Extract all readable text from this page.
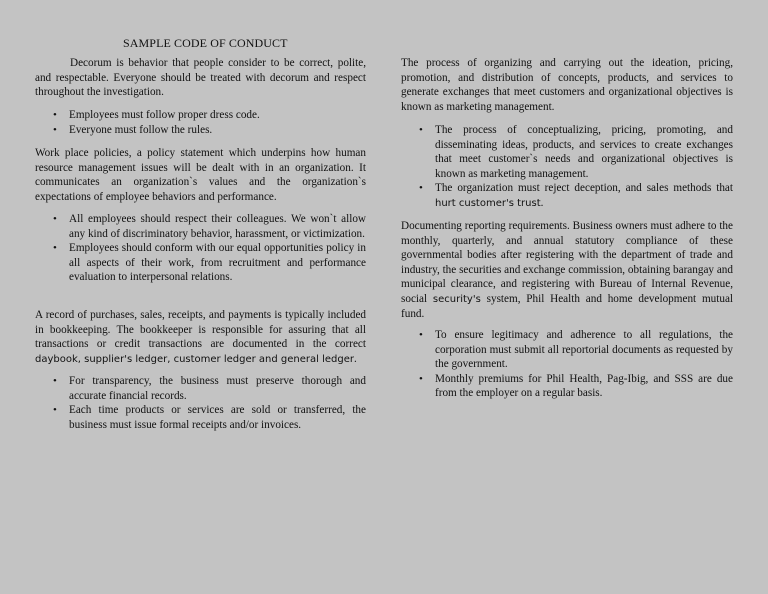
SAMPLE CODE OF CONDUCT

Decorum is behavior that people consider to be correct, polite, and respectable. Everyone should be treated with decorum and respect throughout the investigation.

• Employees must follow proper dress code.
• Everyone must follow the rules.

Work place policies, a policy statement which underpins how human resource management issues will be dealt with in an organization. It communicates an organization`s values and the organization`s expectations of employee behaviors and performance.

• All employees should respect their colleagues. We won`t allow any kind of discriminatory behavior, harassment, or victimization.
• Employees should conform with our equal opportunities policy in all aspects of their work, from recruitment and performance evaluation to interpersonal relations.

A record of purchases, sales, receipts, and payments is typically included in bookkeeping. The bookkeeper is responsible for assuring that all transactions or credit transactions are documented in the correct daybook, supplier's ledger, customer ledger and general ledger.

• For transparency, the business must preserve thorough and accurate financial records.
• Each time products or services are sold or transferred, the business must issue formal receipts and/or invoices.

The process of organizing and carrying out the ideation, pricing, promotion, and distribution of concepts, products, and services to generate exchanges that meet customers and organizational objectives is known as marketing management.

• The process of conceptualizing, pricing, promoting, and disseminating ideas, products, and services to create exchanges that meet customer`s needs and organizational objectives is known as marketing management.
• The organization must reject deception, and sales methods that hurt customer's trust.

Documenting reporting requirements. Business owners must adhere to the monthly, quarterly, and annual statutory compliance of these governmental bodies after registering with the department of trade and industry, the securities and exchange commission, obtaining barangay and municipal clearance, and registering with Bureau of Internal Revenue, social security's system, Phil Health and home development mutual fund.

• To ensure legitimacy and adherence to all regulations, the corporation must submit all reportorial documents as requested by the government.
• Monthly premiums for Phil Health, Pag-Ibig, and SSS are due from the employer on a regular basis.
